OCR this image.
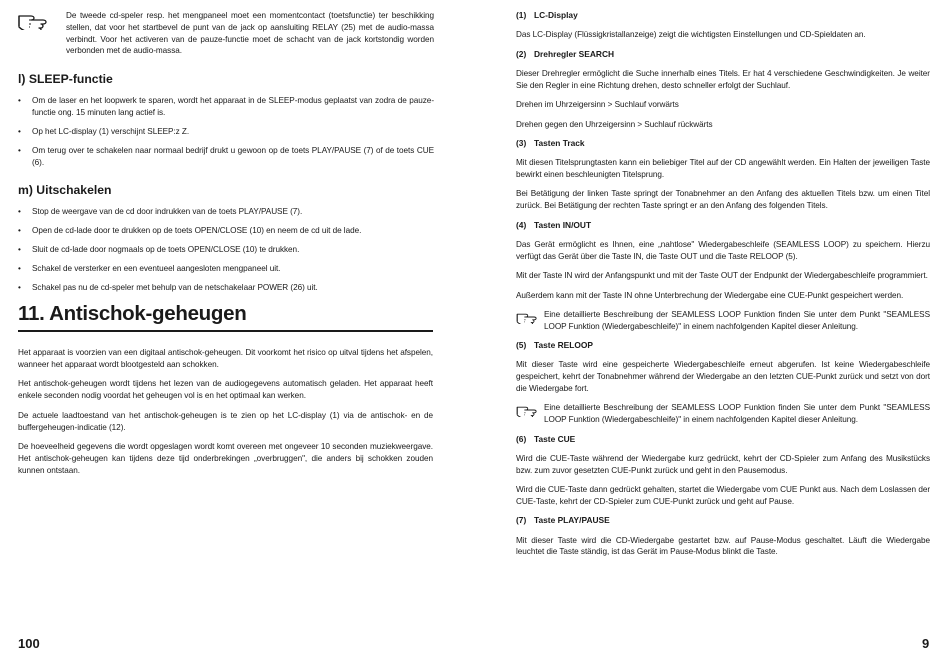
De tweede cd-speler resp. het mengpaneel moet een momentcontact (toetsfunctie) ter beschikking stellen, dat voor het startbevel de punt van de jack op aansluiting RELAY (25) met de audio-massa verbindt. Voor het activeren van de pauze-functie moet de schacht van de jack kortstondig worden verbonden met de audio-massa.

l) SLEEP-functie
• Om de laser en het loopwerk te sparen, wordt het apparaat in de SLEEP-modus geplaatst van zodra de pauze-functie ong. 15 minuten lang actief is.
• Op het LC-display (1) verschijnt SLEEP:z Z.
• Om terug over te schakelen naar normaal bedrijf drukt u gewoon op de toets PLAY/PAUSE (7) of de toets CUE (6).
m) Uitschakelen
• Stop de weergave van de cd door indrukken van de toets PLAY/PAUSE (7).
• Open de cd-lade door te drukken op de toets OPEN/CLOSE (10) en neem de cd uit de lade.
• Sluit de cd-lade door nogmaals op de toets OPEN/CLOSE (10) te drukken.
• Schakel de versterker en een eventueel aangesloten mengpaneel uit.
• Schakel pas nu de cd-speler met behulp van de netschakelaar POWER (26) uit.
11. Antischok-geheugen

Het apparaat is voorzien van een digitaal antischok-geheugen. Dit voorkomt het risico op uitval tijdens het afspelen, wanneer het apparaat wordt blootgesteld aan schokken.

Het antischok-geheugen wordt tijdens het lezen van de audiogegevens automatisch geladen. Het apparaat heeft enkele seconden nodig voordat het geheugen vol is en het optimaal kan werken.

De actuele laadtoestand van het antischok-geheugen is te zien op het LC-display (1) via de antischok- en de buffergeheugen-indicatie (12).

De hoeveelheid gegevens die wordt opgeslagen wordt komt overeen met ongeveer 10 seconden muziekweergave. Het antischok-geheugen kan tijdens deze tijd onderbrekingen „overbruggen", die anders bij schokken zouden kunnen ontstaan.

100
(1) LC-Display

Das LC-Display (Flüssigkristallanzeige) zeigt die wichtigsten Einstellungen und CD-Spieldaten an.

(2) Drehregler SEARCH

Dieser Drehregler ermöglicht die Suche innerhalb eines Titels. Er hat 4 verschiedene Geschwindigkeiten. Je weiter Sie den Regler in eine Richtung drehen, desto schneller erfolgt der Suchlauf.

Drehen im Uhrzeigersinn > Suchlauf vorwärts

Drehen gegen den Uhrzeigersinn > Suchlauf rückwärts

(3) Tasten Track

Mit diesen Titelsprungtasten kann ein beliebiger Titel auf der CD angewählt werden. Ein Halten der jeweiligen Taste bewirkt einen beschleunigten Titelsprung.

Bei Betätigung der linken Taste springt der Tonabnehmer an den Anfang des aktuellen Titels bzw. um einen Titel zurück. Bei Betätigung der rechten Taste springt er an den Anfang des folgenden Titels.

(4) Tasten IN/OUT

Das Gerät ermöglicht es Ihnen, eine „nahtlose" Wiedergabeschleife (SEAMLESS LOOP) zu speichern. Hierzu verfügt das Gerät über die Taste IN, die Taste OUT und die Taste RELOOP (5).

Mit der Taste IN wird der Anfangspunkt und mit der Taste OUT der Endpunkt der Wiedergabeschleife programmiert.

Außerdem kann mit der Taste IN ohne Unterbrechung der Wiedergabe eine CUE-Punkt gespeichert werden.

Eine detaillierte Beschreibung der SEAMLESS LOOP Funktion finden Sie unter dem Punkt "SEAMLESS LOOP Funktion (Wiedergabeschleife)" in einem nachfolgenden Kapitel dieser Anleitung.

(5) Taste RELOOP

Mit dieser Taste wird eine gespeicherte Wiedergabeschleife erneut abgerufen. Ist keine Wiedergabeschleife gespeichert, kehrt der Tonabnehmer während der Wiedergabe an den letzten CUE-Punkt zurück und setzt von dort die Wiedergabe fort.

Eine detaillierte Beschreibung der SEAMLESS LOOP Funktion finden Sie unter dem Punkt "SEAMLESS LOOP Funktion (Wiedergabeschleife)" in einem nachfolgenden Kapitel dieser Anleitung.

(6) Taste CUE

Wird die CUE-Taste während der Wiedergabe kurz gedrückt, kehrt der CD-Spieler zum Anfang des Musikstücks bzw. zum zuvor gesetzten CUE-Punkt zurück und geht in den Pausemodus.

Wird die CUE-Taste dann gedrückt gehalten, startet die Wiedergabe vom CUE Punkt aus. Nach dem Loslassen der CUE-Taste, kehrt der CD-Spieler zum CUE-Punkt zurück und geht auf Pause.

(7) Taste PLAY/PAUSE

Mit dieser Taste wird die CD-Wiedergabe gestartet bzw. auf Pause-Modus geschaltet. Läuft die Wiedergabe leuchtet die Taste ständig, ist das Gerät im Pause-Modus blinkt die Taste.

9
